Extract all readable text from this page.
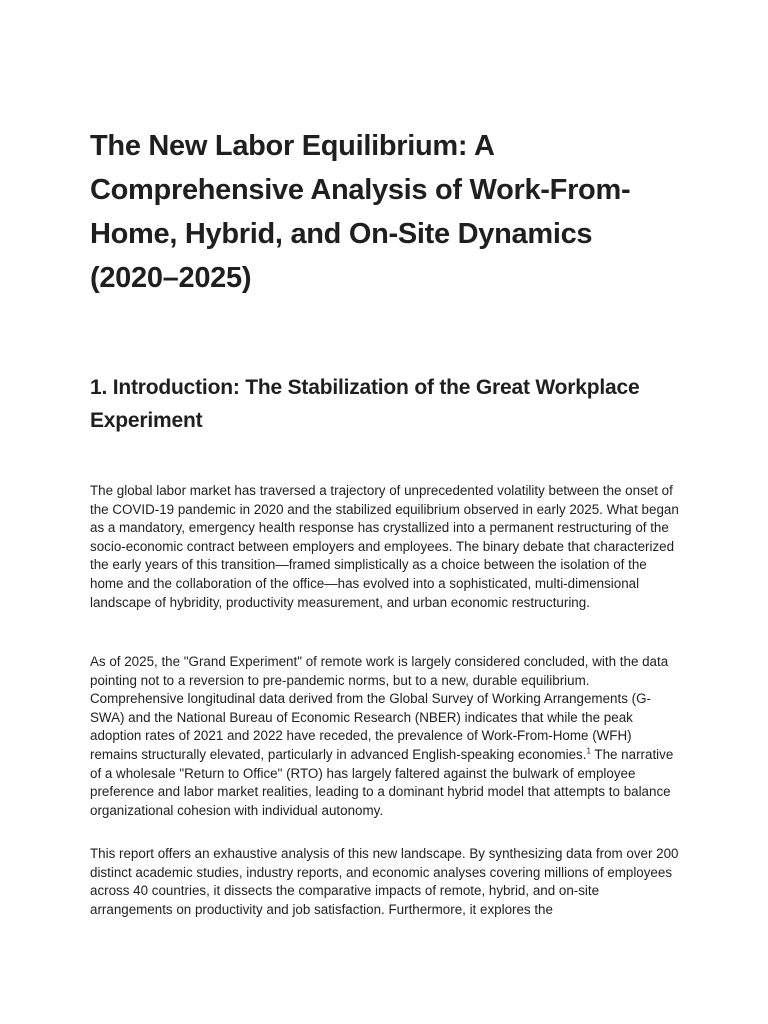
The New Labor Equilibrium: A Comprehensive Analysis of Work-From-Home, Hybrid, and On-Site Dynamics (2020–2025)
1. Introduction: The Stabilization of the Great Workplace Experiment

The global labor market has traversed a trajectory of unprecedented volatility between the onset of the COVID-19 pandemic in 2020 and the stabilized equilibrium observed in early 2025. What began as a mandatory, emergency health response has crystallized into a permanent restructuring of the socio-economic contract between employers and employees. The binary debate that characterized the early years of this transition—framed simplistically as a choice between the isolation of the home and the collaboration of the office—has evolved into a sophisticated, multi-dimensional landscape of hybridity, productivity measurement, and urban economic restructuring.

As of 2025, the "Grand Experiment" of remote work is largely considered concluded, with the data pointing not to a reversion to pre-pandemic norms, but to a new, durable equilibrium. Comprehensive longitudinal data derived from the Global Survey of Working Arrangements (G-SWA) and the National Bureau of Economic Research (NBER) indicates that while the peak adoption rates of 2021 and 2022 have receded, the prevalence of Work-From-Home (WFH) remains structurally elevated, particularly in advanced English-speaking economies.$^1$ The narrative of a wholesale "Return to Office" (RTO) has largely faltered against the bulwark of employee preference and labor market realities, leading to a dominant hybrid model that attempts to balance organizational cohesion with individual autonomy.

This report offers an exhaustive analysis of this new landscape. By synthesizing data from over 200 distinct academic studies, industry reports, and economic analyses covering millions of employees across 40 countries, it dissects the comparative impacts of remote, hybrid, and on-site arrangements on productivity and job satisfaction. Furthermore, it explores the
